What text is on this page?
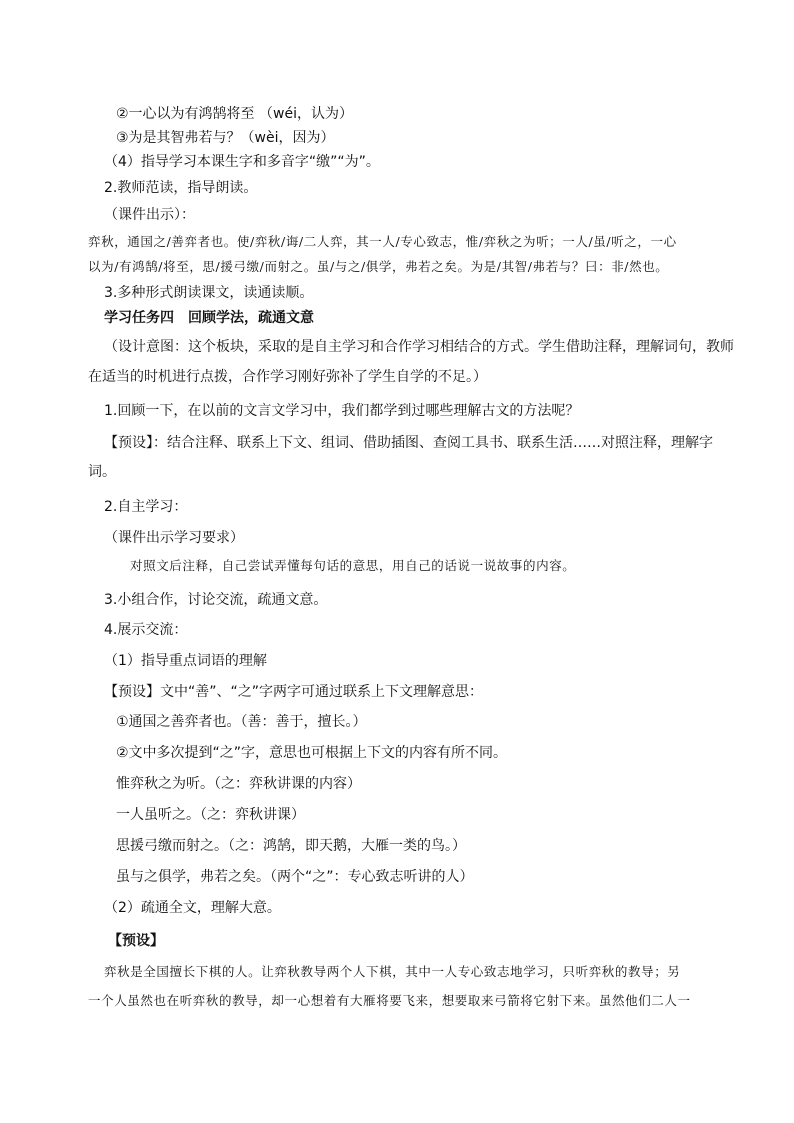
②一心以为有鸿鹄将至 （wéi，认为）
③为是其智弗若与？（wèi，因为）
（4）指导学习本课生字和多音字“缴”“为”。
2.教师范读，指导朗读。
（课件出示）：
弈秋，通国之/善弈者也。使/弈秋/诲/二人弈，其一人/专心致志，惟/弈秋之为听；一人/虽/听之，一心
以为/有鸿鹄/将至，思/援弓缴/而射之。虽/与之/俱学，弗若之矣。为是/其智/弗若与？曰：非/然也。
3.多种形式朗读课文，读通读顺。
学习任务四　回顾学法，疏通文意
（设计意图：这个板块，采取的是自主学习和合作学习相结合的方式。学生借助注释，理解词句，教师
在适当的时机进行点拨，合作学习刚好弥补了学生自学的不足。）
1.回顾一下，在以前的文言文学习中，我们都学到过哪些理解古文的方法呢？
【预设】：结合注释、联系上下文、组词、借助插图、查阅工具书、联系生活……对照注释，理解字
词。
2.自主学习：
（课件出示学习要求）
对照文后注释，自己尝试弄懂每句话的意思，用自己的话说一说故事的内容。
3.小组合作，讨论交流，疏通文意。
4.展示交流：
（1）指导重点词语的理解
【预设】文中“善”、“之”字两字可通过联系上下文理解意思：
①通国之善弈者也。（善：善于，擅长。）
②文中多次提到“之”字，意思也可根据上下文的内容有所不同。
惟弈秋之为听。（之：弈秋讲课的内容）
一人虽听之。（之：弈秋讲课）
思援弓缴而射之。（之：鸿鹄，即天鹅，大雁一类的鸟。）
虽与之俱学，弗若之矣。（两个“之”：专心致志听讲的人）
（2）疏通全文，理解大意。
【预设】
弈秋是全国擅长下棋的人。让弈秋教导两个人下棋，其中一人专心致志地学习，只听弈秋的教导；另
一个人虽然也在听弈秋的教导，却一心想着有大雁将要飞来，想要取来弓箭将它射下来。虽然他们二人一
